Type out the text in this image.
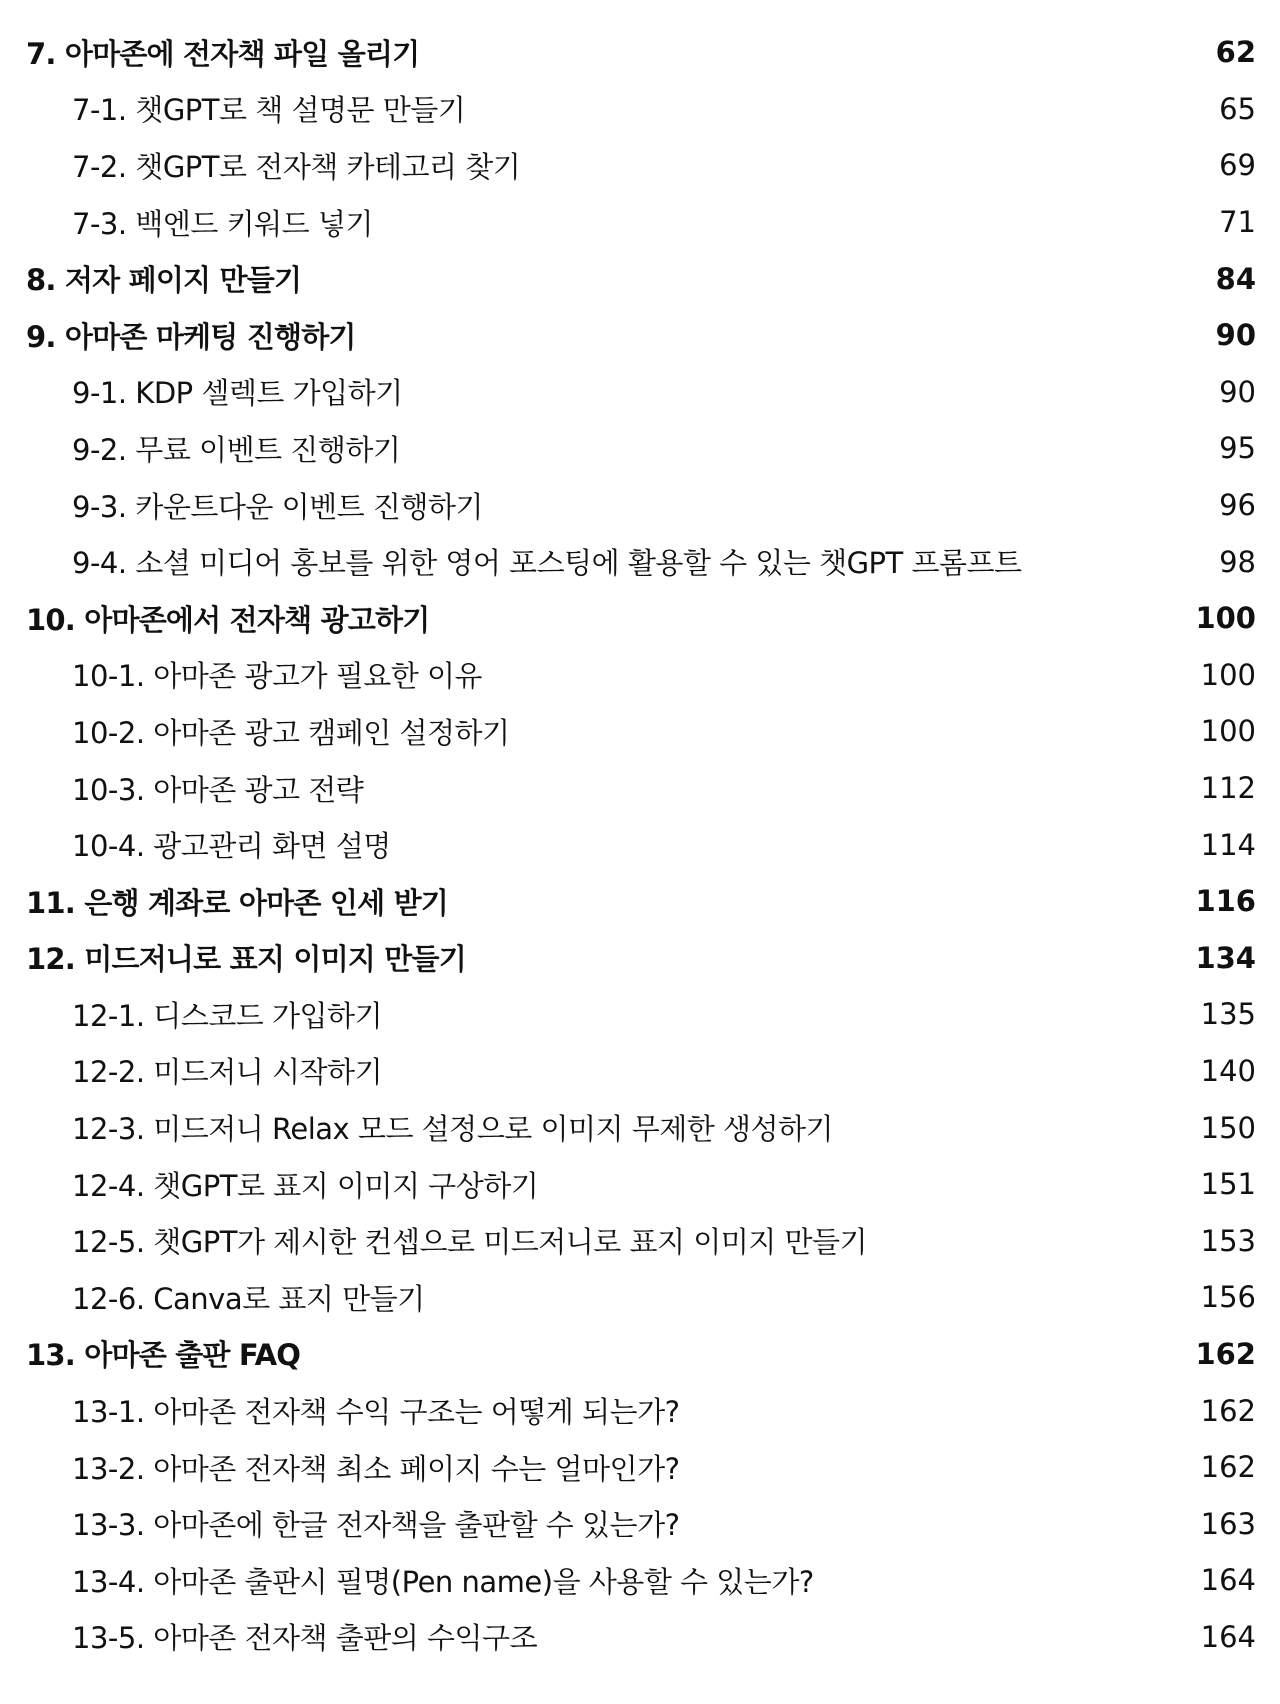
7. 아마존에 전자책 파일 올리기	62
7-1. 챗GPT로 책 설명문 만들기	65
7-2. 챗GPT로 전자책 카테고리 찾기	69
7-3. 백엔드 키워드 넣기	71
8. 저자 페이지 만들기	84
9. 아마존 마케팅 진행하기	90
9-1. KDP 셀렉트 가입하기	90
9-2. 무료 이벤트 진행하기	95
9-3. 카운트다운 이벤트 진행하기	96
9-4. 소셜 미디어 홍보를 위한 영어 포스팅에 활용할 수 있는 챗GPT 프롬프트	98
10. 아마존에서 전자책 광고하기	100
10-1. 아마존 광고가 필요한 이유	100
10-2. 아마존 광고 캠페인 설정하기	100
10-3. 아마존 광고 전략	112
10-4. 광고관리 화면 설명	114
11. 은행 계좌로 아마존 인세 받기	116
12. 미드저니로 표지 이미지 만들기	134
12-1. 디스코드 가입하기	135
12-2. 미드저니 시작하기	140
12-3. 미드저니 Relax 모드 설정으로 이미지 무제한 생성하기	150
12-4. 챗GPT로 표지 이미지 구상하기	151
12-5. 챗GPT가 제시한 컨셉으로 미드저니로 표지 이미지 만들기	153
12-6. Canva로 표지 만들기	156
13. 아마존 출판 FAQ	162
13-1. 아마존 전자책 수익 구조는 어떻게 되는가?	162
13-2. 아마존 전자책 최소 페이지 수는 얼마인가?	162
13-3. 아마존에 한글 전자책을 출판할 수 있는가?	163
13-4. 아마존 출판시 필명(Pen name)을 사용할 수 있는가?	164
13-5. 아마존 전자책 출판의 수익구조	164
